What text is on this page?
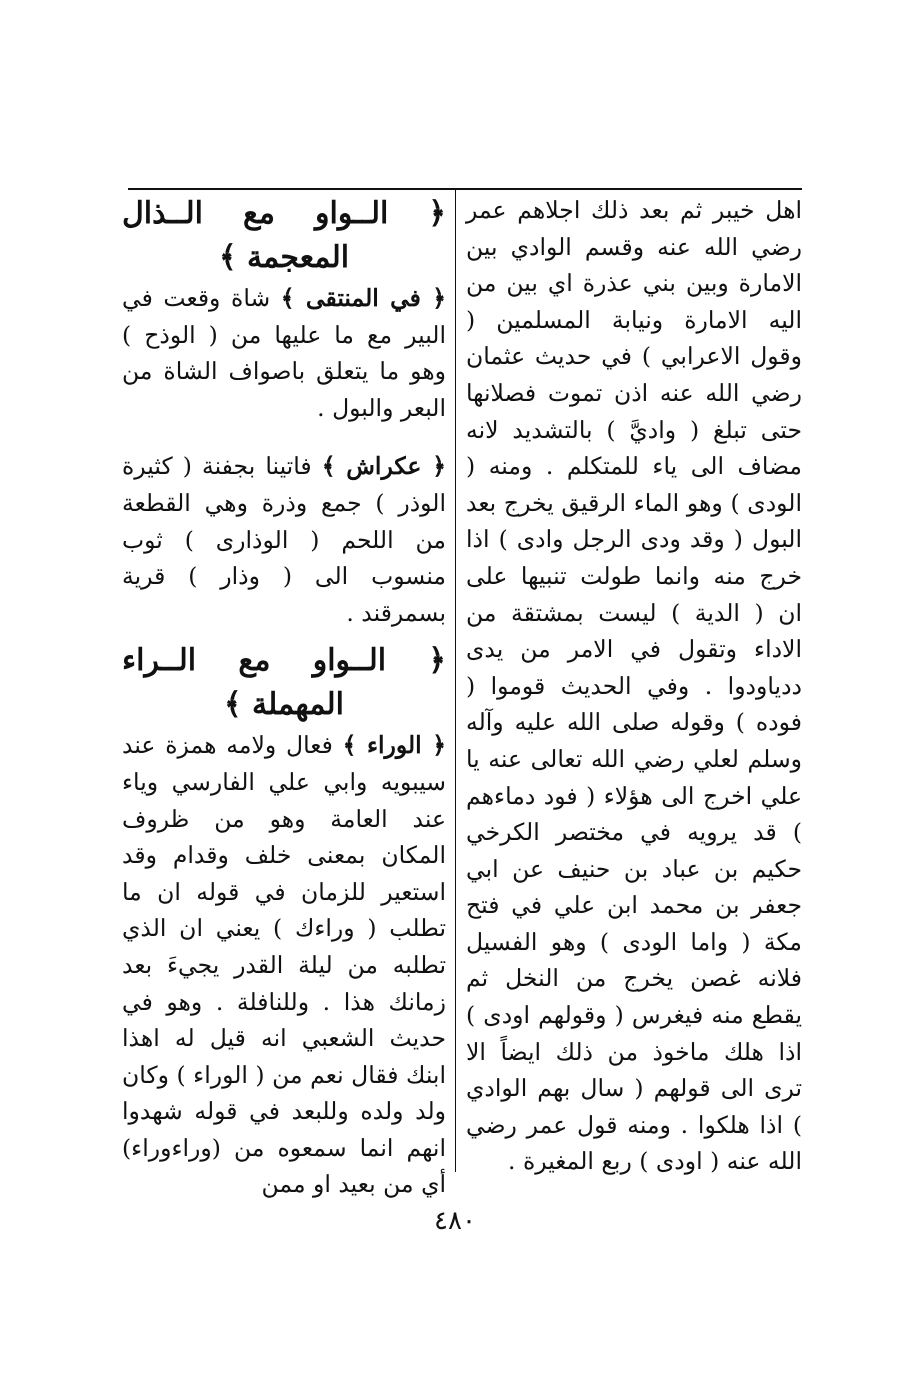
اهل خيبر ثم بعد ذلك اجلاهم عمر رضي الله عنه وقسم الوادي بين الامارة وبين بني عذرة اي بين من اليه الامارة ونيابة المسلمين ( وقول الاعرابي ) في حديث عثمان رضي الله عنه اذن تموت فصلانها حتى تبلغ ( واديَّ ) بالتشديد لانه مضاف الى ياء للمتكلم . ومنه ( الودى ) وهو الماء الرقيق يخرج بعد البول ( وقد ودى الرجل وادى ) اذا خرج منه وانما طولت تنبيها على ان ( الدية ) ليست بمشتقة من الاداء وتقول في الامر من يدى ددياودوا . وفي الحديث قوموا ( فوده ) وقوله صلى الله عليه وآله وسلم لعلي رضي الله تعالى عنه يا علي اخرج الى هؤلاء ( فود دماءهم ) قد يرويه في مختصر الكرخي حكيم بن عباد بن حنيف عن ابي جعفر بن محمد ابن علي في فتح مكة ( واما الودى ) وهو الفسيل فلانه غصن يخرج من النخل ثم يقطع منه فيغرس ( وقولهم اودى ) اذا هلك ماخوذ من ذلك ايضاً الا ترى الى قولهم ( سال بهم الوادي ) اذا هلكوا . ومنه قول عمر رضي الله عنه ( اودى ) ربع المغيرة .

﴿ الــواو مع الــذال المعجمة ﴾

﴿ في المنتقى ﴾ شاة وقعت في البير مع ما عليها من ( الوذح ) وهو ما يتعلق باصواف الشاة من البعر والبول .

﴿ عكراش ﴾ فاتينا بجفنة ( كثيرة الوذر ) جمع وذرة وهي القطعة من اللحم ( الوذارى ) ثوب منسوب الى ( وذار ) قرية بسمرقند .

﴿ الــواو مع الــراء المهملة ﴾

﴿ الوراء ﴾ فعال ولامه همزة عند سيبويه وابي علي الفارسي وياء عند العامة وهو من ظروف المكان بمعنى خلف وقدام وقد استعير للزمان في قوله ان ما تطلب ( وراءك ) يعني ان الذي تطلبه من ليلة القدر يجيءَ بعد زمانك هذا . وللنافلة . وهو في حديث الشعبي انه قيل له اهذا ابنك فقال نعم من ( الوراء ) وكان ولد ولده وللبعد في قوله شهدوا انهم انما سمعوه من (وراءوراء) أي من بعيد او ممن

٤٨٠
